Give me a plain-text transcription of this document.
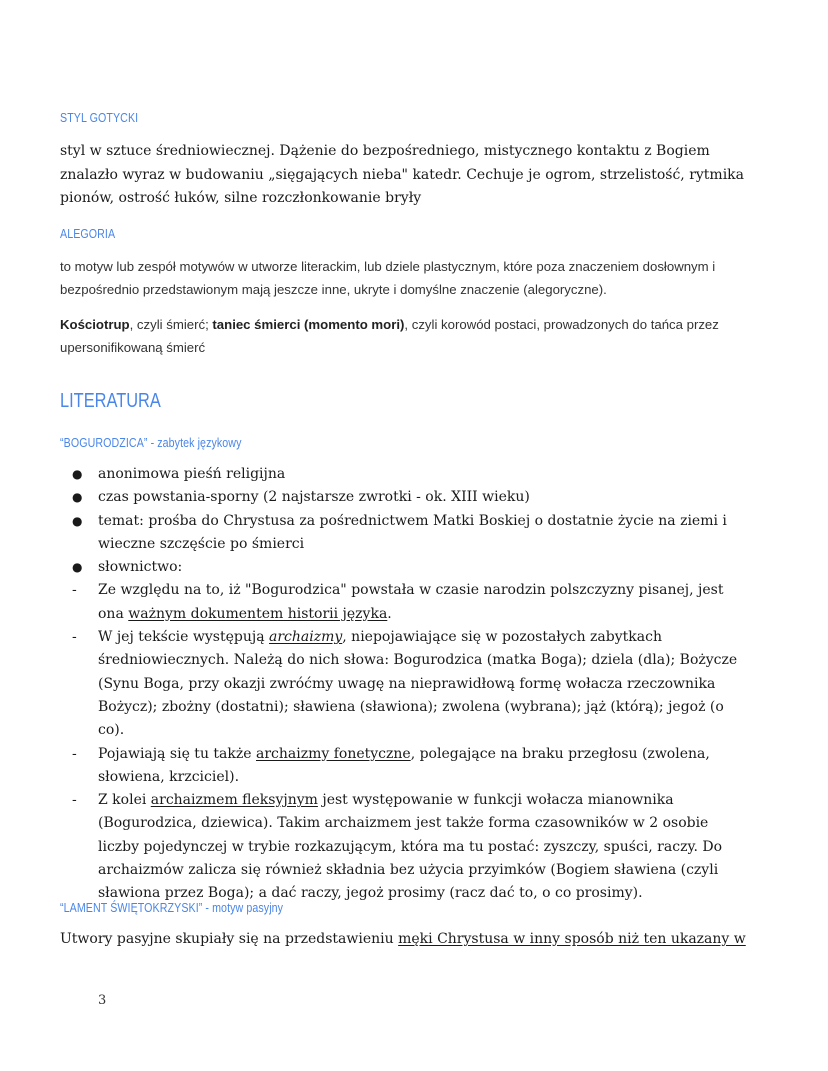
STYL GOTYCKI

styl w sztuce średniowiecznej. Dążenie do bezpośredniego, mistycznego kontaktu z Bogiem znalazło wyraz w budowaniu „sięgających nieba" katedr. Cechuje je ogrom, strzelistość, rytmika pionów, ostrość łuków, silne rozczłonkowanie bryły

ALEGORIA

to motyw lub zespół motywów w utworze literackim, lub dziele plastycznym, które poza znaczeniem dosłownym i bezpośrednio przedstawionym mają jeszcze inne, ukryte i domyślne znaczenie (alegoryczne).

Kościotrup, czyli śmierć; taniec śmierci (momento mori), czyli korowód postaci, prowadzonych do tańca przez upersonifikowaną śmierć

LITERATURA
“BOGURODZICA” - zabytek językowy
●	anonimowa pieśń religijna
●	czas powstania-sporny (2 najstarsze zwrotki - ok. XIII wieku)
●	temat: prośba do Chrystusa za pośrednictwem Matki Boskiej o dostatnie życie na ziemi i wieczne szczęście po śmierci
●	słownictwo:
-	Ze względu na to, iż "Bogurodzica" powstała w czasie narodzin polszczyzny pisanej, jest ona ważnym dokumentem historii języka.
-	W jej tekście występują archaizmy, niepojawiające się w pozostałych zabytkach średniowiecznych. Należą do nich słowa: Bogurodzica (matka Boga); dziela (dla); Bożycze (Synu Boga, przy okazji zwróćmy uwagę na nieprawidłową formę wołacza rzeczownika Bożycz); zbożny (dostatni); sławiena (sławiona); zwolena (wybrana); jąż (którą); jegoż (o co).
-	Pojawiają się tu także archaizmy fonetyczne, polegające na braku przegłosu (zwolena, słowiena, krzciciel).
-	Z kolei archaizmem fleksyjnym jest występowanie w funkcji wołacza mianownika (Bogurodzica, dziewica). Takim archaizmem jest także forma czasowników w 2 osobie liczby pojedynczej w trybie rozkazującym, która ma tu postać: zyszczy, spuści, raczy. Do archaizmów zalicza się również składnia bez użycia przyimków (Bogiem sławiena (czyli sławiona przez Boga); a dać raczy, jegoż prosimy (racz dać to, o co prosimy).
“LAMENT ŚWIĘTOKRZYSKI” - motyw pasyjny

Utwory pasyjne skupiały się na przedstawieniu męki Chrystusa w inny sposób niż ten ukazany w

3
